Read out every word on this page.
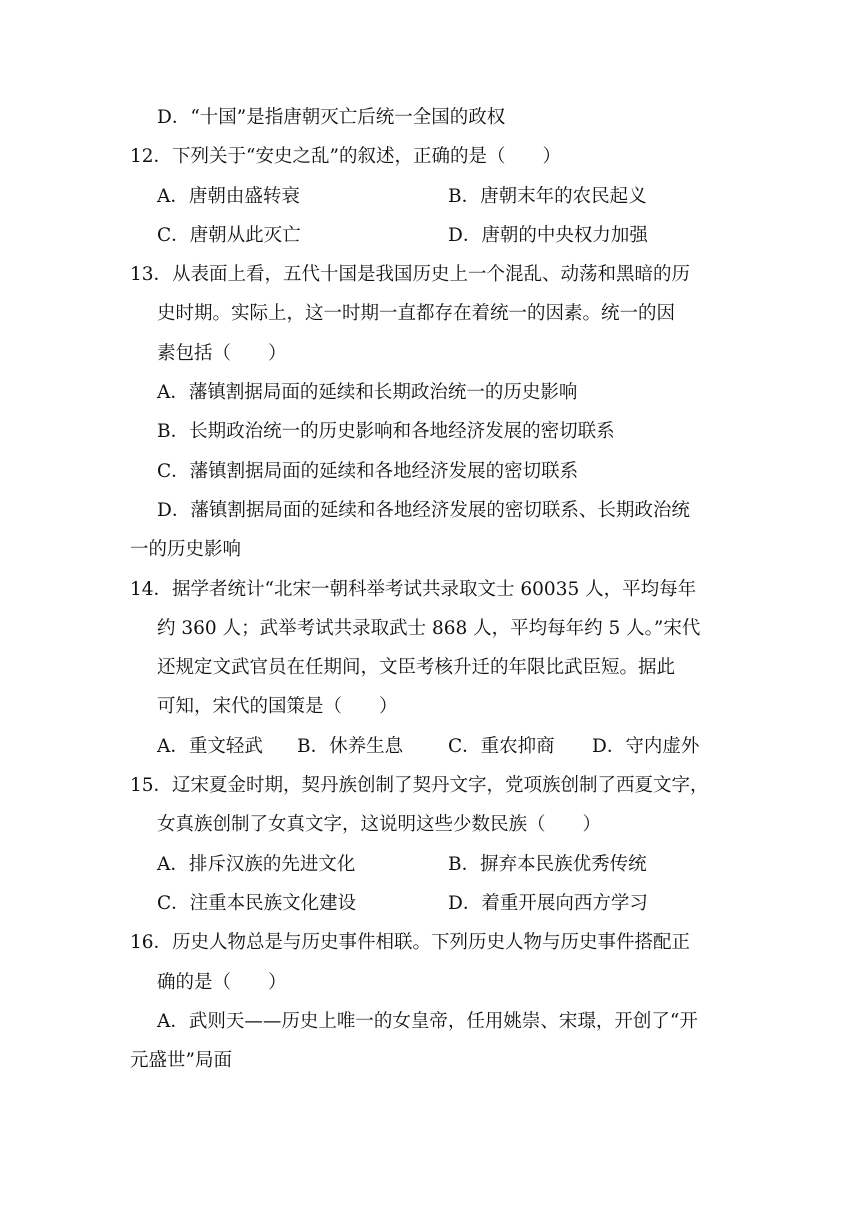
D．“十国”是指唐朝灭亡后统一全国的政权
12．下列关于“安史之乱”的叙述，正确的是（　　）
A．唐朝由盛转衰	B．唐朝末年的农民起义
C．唐朝从此灭亡	D．唐朝的中央权力加强
13．从表面上看，五代十国是我国历史上一个混乱、动荡和黑暗的历
史时期。实际上，这一时期一直都存在着统一的因素。统一的因
素包括（　　）
A．藩镇割据局面的延续和长期政治统一的历史影响
B．长期政治统一的历史影响和各地经济发展的密切联系
C．藩镇割据局面的延续和各地经济发展的密切联系
D．藩镇割据局面的延续和各地经济发展的密切联系、长期政治统
一的历史影响
14．据学者统计“北宋一朝科举考试共录取文士 60035 人，平均每年
约 360 人；武举考试共录取武士 868 人，平均每年约 5 人。”宋代
还规定文武官员在任期间，文臣考核升迁的年限比武臣短。据此
可知，宋代的国策是（　　）
A．重文轻武 B．休养生息 C．重农抑商 D．守内虚外
15．辽宋夏金时期，契丹族创制了契丹文字，党项族创制了西夏文字，
女真族创制了女真文字，这说明这些少数民族（　　）
A．排斥汉族的先进文化	B．摒弃本民族优秀传统
C．注重本民族文化建设	D．着重开展向西方学习
16．历史人物总是与历史事件相联。下列历史人物与历史事件搭配正
确的是（　　）
A．武则天——历史上唯一的女皇帝，任用姚崇、宋璟，开创了“开
元盛世”局面
